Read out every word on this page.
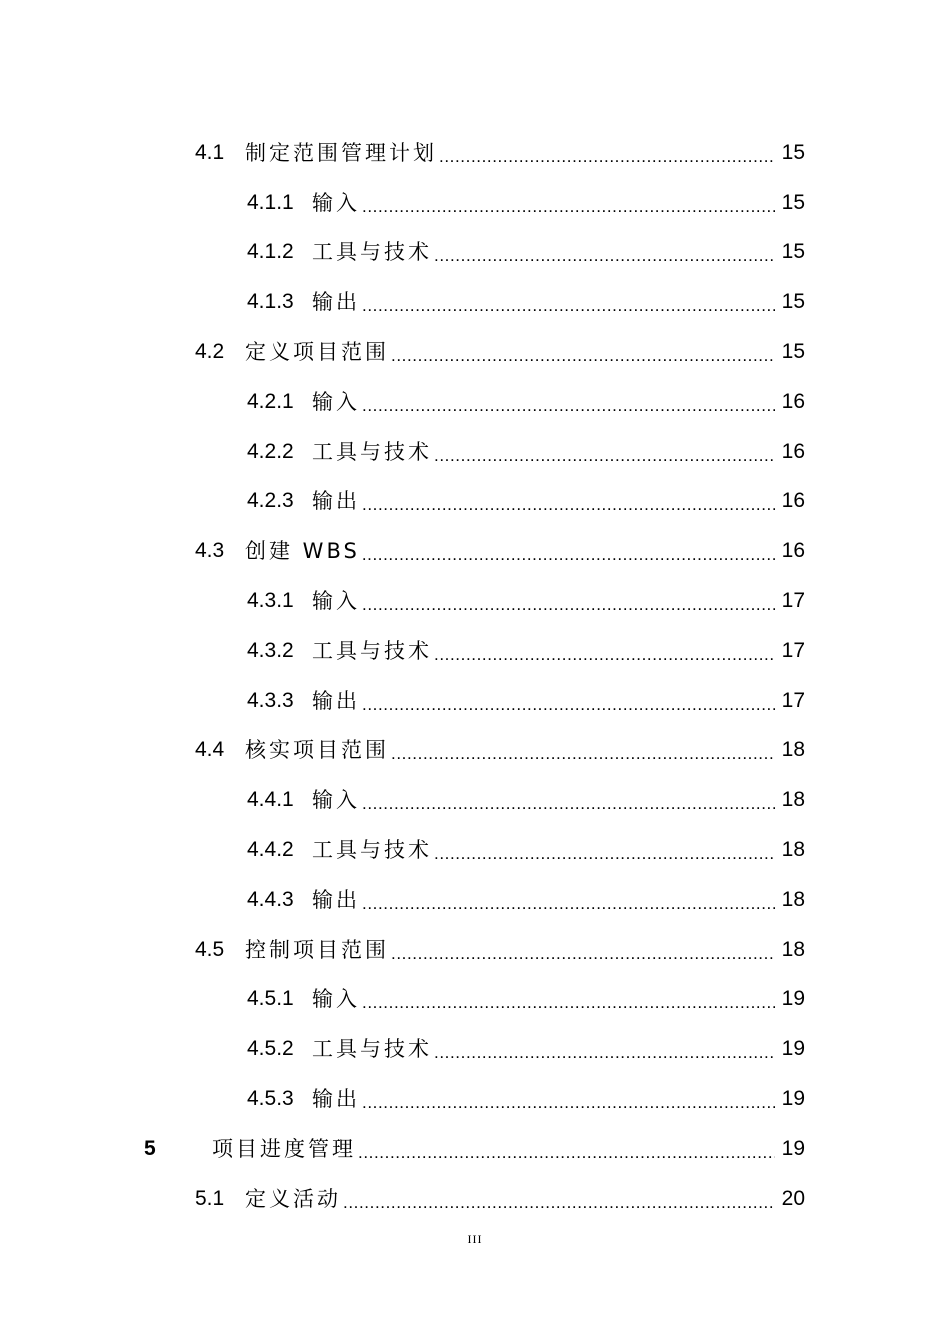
4.1 制定范围管理计划 .....	15
4.1.1 输入 .....	15
4.1.2 工具与技术 .....	15
4.1.3 输出 .....	15
4.2 定义项目范围 .....	15
4.2.1 输入 .....	16
4.2.2 工具与技术 .....	16
4.2.3 输出 .....	16
4.3 创建 WBS .....	16
4.3.1 输入 .....	17
4.3.2 工具与技术 .....	17
4.3.3 输出 .....	17
4.4 核实项目范围 .....	18
4.4.1 输入 .....	18
4.4.2 工具与技术 .....	18
4.4.3 输出 .....	18
4.5 控制项目范围 .....	18
4.5.1 输入 .....	19
4.5.2 工具与技术 .....	19
4.5.3 输出 .....	19
5	项目进度管理 .....	19
5.1 定义活动 .....	20
III
